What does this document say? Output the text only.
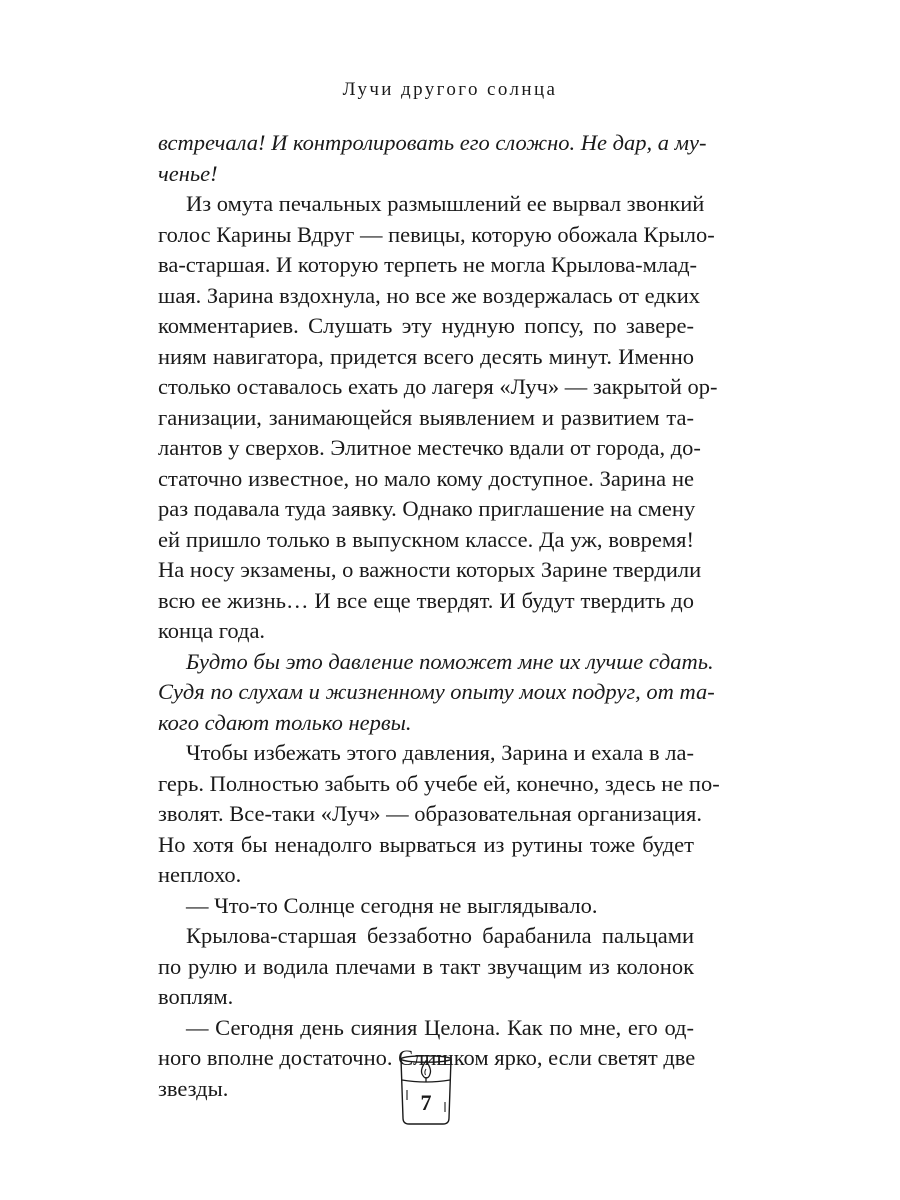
Лучи другого солнца

встречала! И контролировать его сложно. Не дар, а му-
ченье!

Из омута печальных размышлений ее вырвал звонкий
голос Карины Вдруг — певицы, которую обожала Крыло-
ва-старшая. И которую терпеть не могла Крылова-млад-
шая. Зарина вздохнула, но все же воздержалась от едких
комментариев. Слушать эту нудную попсу, по завере-
ниям навигатора, придется всего десять минут. Именно
столько оставалось ехать до лагеря «Луч» — закрытой ор-
ганизации, занимающейся выявлением и развитием та-
лантов у сверхов. Элитное местечко вдали от города, до-
статочно известное, но мало кому доступное. Зарина не
раз подавала туда заявку. Однако приглашение на смену
ей пришло только в выпускном классе. Да уж, вовремя!
На носу экзамены, о важности которых Зарине твердили
всю ее жизнь… И все еще твердят. И будут твердить до
конца года.

Будто бы это давление поможет мне их лучше сдать.
Судя по слухам и жизненному опыту моих подруг, от та-
кого сдают только нервы.

Чтобы избежать этого давления, Зарина и ехала в ла-
герь. Полностью забыть об учебе ей, конечно, здесь не по-
зволят. Все-таки «Луч» — образовательная организация.
Но хотя бы ненадолго вырваться из рутины тоже будет
неплохо.

— Что-то Солнце сегодня не выглядывало.

Крылова-старшая беззаботно барабанила пальцами
по рулю и водила плечами в такт звучащим из колонок
воплям.

— Сегодня день сияния Целона. Как по мне, его од-
ного вполне достаточно. Слишком ярко, если светят две
звезды.

7
